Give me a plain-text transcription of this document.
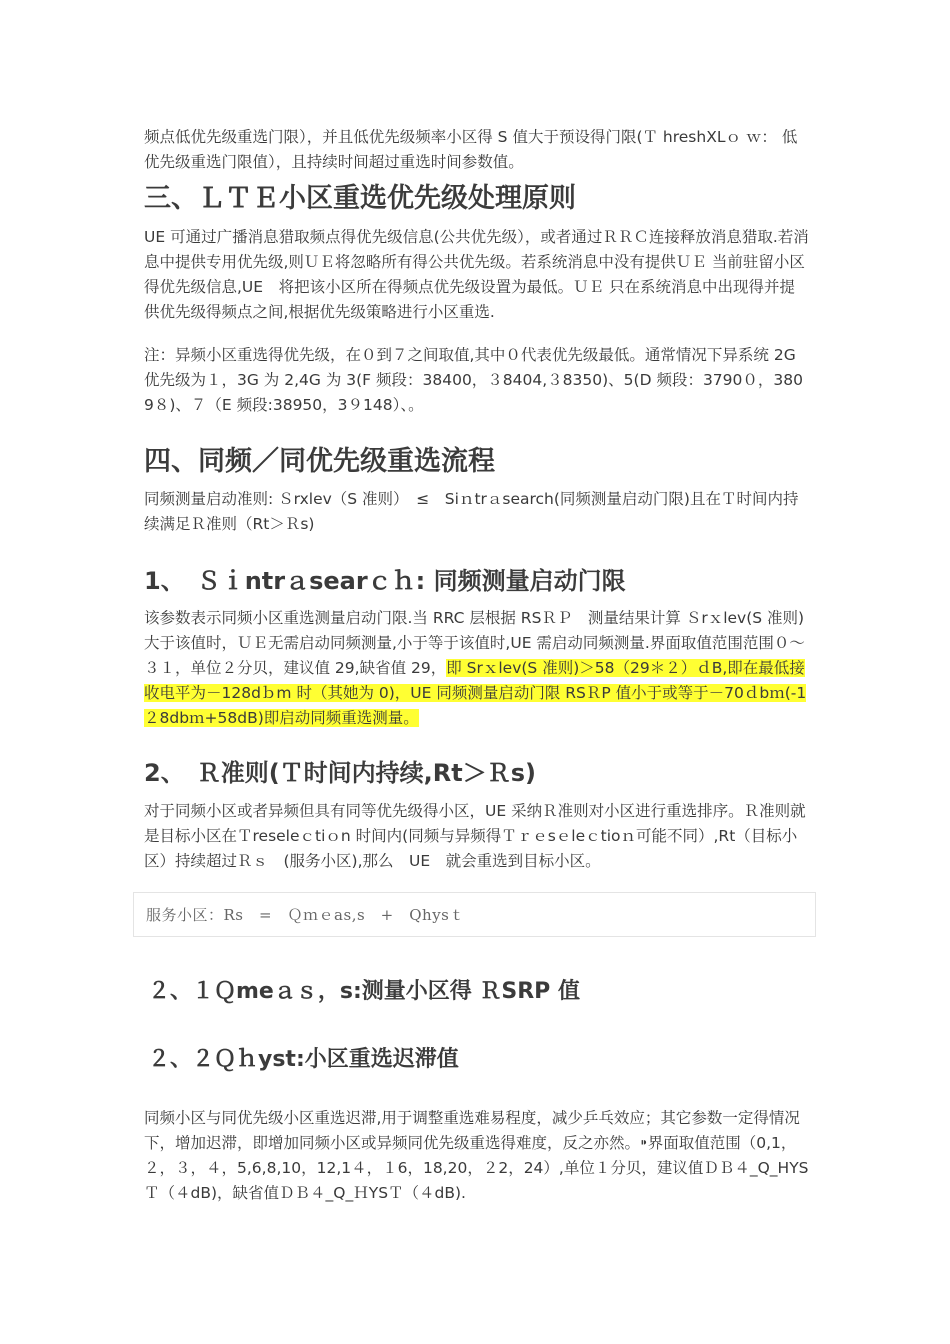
频点低优先级重选门限），并且低优先级频率小区得 S 值大于预设得门限(Ｔ hreshXLｏ ｗ： 低优先级重选门限值），且持续时间超过重选时间参数值。

三、ＬＴＥ小区重选优先级处理原则

UE 可通过广播消息猎取频点得优先级信息(公共优先级），或者通过ＲＲＣ连接释放消息猎取.若消息中提供专用优先级,则ＵＥ将忽略所有得公共优先级。若系统消息中没有提供ＵＥ 当前驻留小区得优先级信息,UE　将把该小区所在得频点优先级设置为最低。ＵＥ 只在系统消息中出现得并提供优先级得频点之间,根据优先级策略进行小区重选.

注：异频小区重选得优先级，在０到７之间取值,其中０代表优先级最低。通常情况下异系统 2G 优先级为１，3G 为 2,4G 为 3(F 频段：38400，３8404,３8350)、5(D 频段：3790０，3809８)、７（E 频段:38950，3９148）、。

四、同频／同优先级重选流程

同频测量启动准则: Ｓrxlev（S 准则）　≤　Siｎtrａsearch(同频测量启动门限)且在Ｔ时间内持续满足Ｒ准则（Rt＞Ｒs)

1、　Ｓｉntrａsearｃｈ: 同频测量启动门限

该参数表示同频小区重选测量启动门限.当 RRC 层根据 RSＲＰ　测量结果计算 Ｓrｘlev(S 准则)大于该值时，ＵＥ无需启动同频测量,小于等于该值时,UE 需启动同频测量.界面取值范围范围０～３１，单位２分贝，建议值 29,缺省值 29，即 Srｘlev(S 准则)＞58（29＊２）ｄB,即在最低接收电平为－128dｂm 时（其她为 0)，UE 同频测量启动门限 RSＲP 值小于或等于－70ｄbｍ(-1２8dbｍ+58dB)即启动同频重选测量。

2、　Ｒ准则(Ｔ时间内持续,Rt＞Ｒs)

对于同频小区或者异频但具有同等优先级得小区，UE 采纳Ｒ准则对小区进行重选排序。Ｒ准则就是目标小区在Ｔreseleｃtiｏn 时间内(同频与异频得Ｔｒｅsｅleｃtioｎ可能不同）,Rt（目标小区）持续超过Ｒｓ　(服务小区),那么　UE　就会重选到目标小区。

服务小区：Rs　=　Ｑｍｅas,s　+　Qhysｔ
２、１Ｑmeａｓ，s:测量小区得 ＲSRP 值
２、２Ｑｈyst:小区重选迟滞值

同频小区与同优先级小区重选迟滞,用于调整重选难易程度，减少乒乓效应；其它参数一定得情况下，增加迟滞，即增加同频小区或异频同优先级重选得难度，反之亦然。⁍界面取值范围（0,1，２，３，４，5,6,8,10，12,1４，１6，18,20，２2，24）,单位１分贝，建议值ＤＢ４_Q_HYSＴ（４dB)，缺省值ＤＢ４_Q_ＨYSＴ（４dB).
